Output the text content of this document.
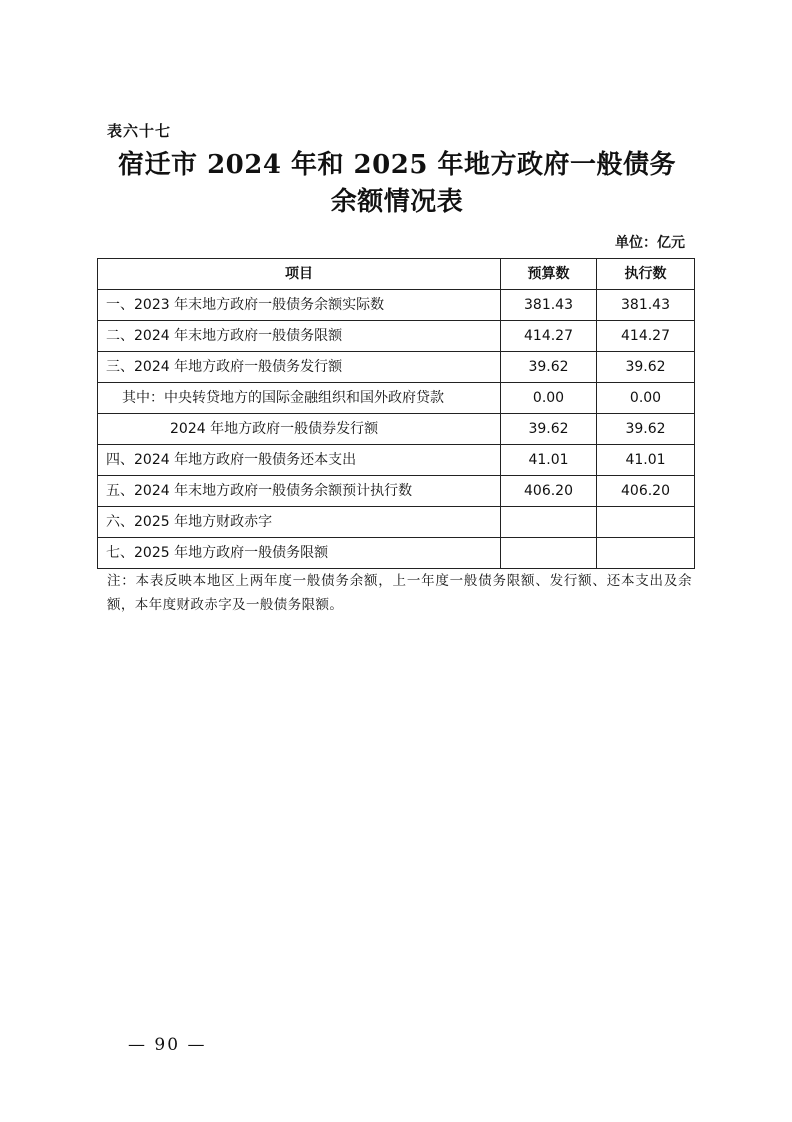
表六十七
宿迁市 2024 年和 2025 年地方政府一般债务
余额情况表
单位：亿元
项目	预算数	执行数
一、2023 年末地方政府一般债务余额实际数	381.43	381.43
二、2024 年末地方政府一般债务限额	414.27	414.27
三、2024 年地方政府一般债务发行额	39.62	39.62
其中：中央转贷地方的国际金融组织和国外政府贷款	0.00	0.00
2024 年地方政府一般债券发行额	39.62	39.62
四、2024 年地方政府一般债务还本支出	41.01	41.01
五、2024 年末地方政府一般债务余额预计执行数	406.20	406.20
六、2025 年地方财政赤字		
七、2025 年地方政府一般债务限额		
注：本表反映本地区上两年度一般债务余额，上一年度一般债务限额、发行额、还本支出及余额，本年度财政赤字及一般债务限额。
— 90 —
